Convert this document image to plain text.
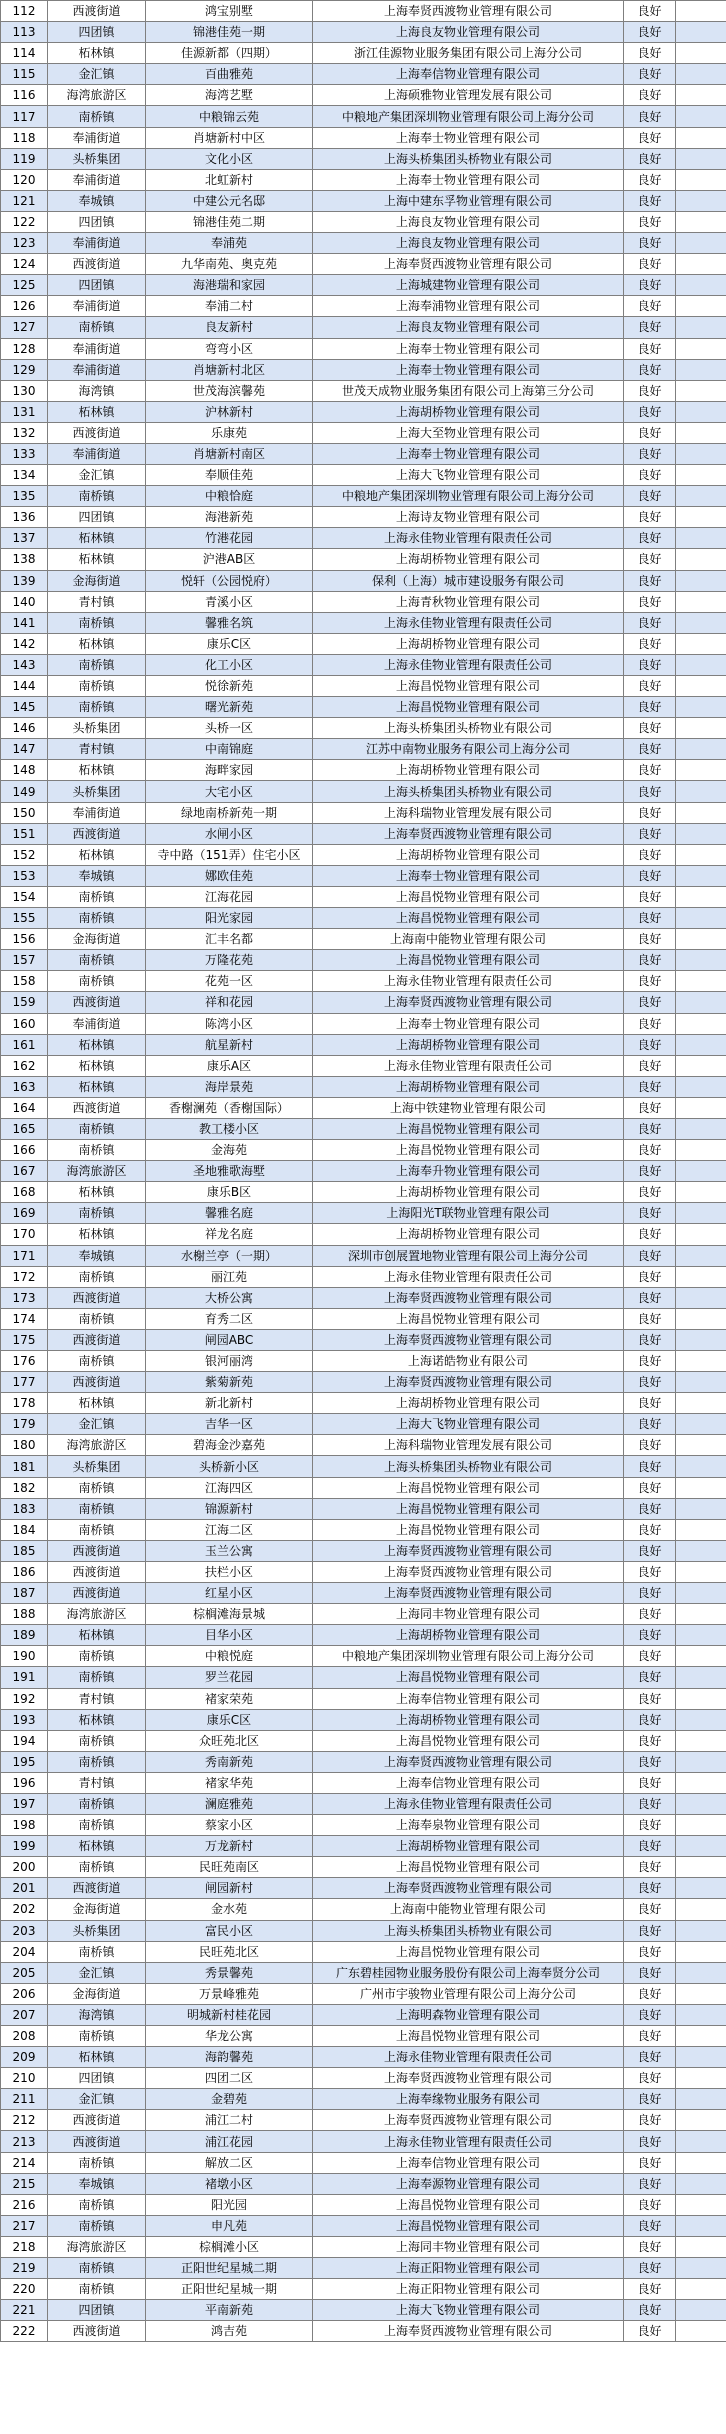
112	西渡街道	鸿宝别墅	上海奉贤西渡物业管理有限公司	良好	
113	四团镇	锦港佳苑一期	上海良友物业管理有限公司	良好	
114	柘林镇	佳源新都（四期）	浙江佳源物业服务集团有限公司上海分公司	良好	
115	金汇镇	百曲雅苑	上海奉信物业管理有限公司	良好	
116	海湾旅游区	海湾艺墅	上海硕雅物业管理发展有限公司	良好	
117	南桥镇	中粮锦云苑	中粮地产集团深圳物业管理有限公司上海分公司	良好	
118	奉浦街道	肖塘新村中区	上海奉士物业管理有限公司	良好	
119	头桥集团	文化小区	上海头桥集团头桥物业有限公司	良好	
120	奉浦街道	北虹新村	上海奉士物业管理有限公司	良好	
121	奉城镇	中建公元名邸	上海中建东孚物业管理有限公司	良好	
122	四团镇	锦港佳苑二期	上海良友物业管理有限公司	良好	
123	奉浦街道	奉浦苑	上海良友物业管理有限公司	良好	
124	西渡街道	九华南苑、奥克苑	上海奉贤西渡物业管理有限公司	良好	
125	四团镇	海港瑞和家园	上海城建物业管理有限公司	良好	
126	奉浦街道	奉浦二村	上海奉浦物业管理有限公司	良好	
127	南桥镇	良友新村	上海良友物业管理有限公司	良好	
128	奉浦街道	弯弯小区	上海奉士物业管理有限公司	良好	
129	奉浦街道	肖塘新村北区	上海奉士物业管理有限公司	良好	
130	海湾镇	世茂海滨馨苑	世茂天成物业服务集团有限公司上海第三分公司	良好	
131	柘林镇	沪林新村	上海胡桥物业管理有限公司	良好	
132	西渡街道	乐康苑	上海大至物业管理有限公司	良好	
133	奉浦街道	肖塘新村南区	上海奉士物业管理有限公司	良好	
134	金汇镇	奉顺佳苑	上海大飞物业管理有限公司	良好	
135	南桥镇	中粮恰庭	中粮地产集团深圳物业管理有限公司上海分公司	良好	
136	四团镇	海港新苑	上海诗友物业管理有限公司	良好	
137	柘林镇	竹港花园	上海永佳物业管理有限责任公司	良好	
138	柘林镇	沪港AB区	上海胡桥物业管理有限公司	良好	
139	金海街道	悦轩（公园悦府）	保利（上海）城市建设服务有限公司	良好	
140	青村镇	青溪小区	上海青秋物业管理有限公司	良好	
141	南桥镇	馨雅名筑	上海永佳物业管理有限责任公司	良好	
142	柘林镇	康乐C区	上海胡桥物业管理有限公司	良好	
143	南桥镇	化工小区	上海永佳物业管理有限责任公司	良好	
144	南桥镇	悦徐新苑	上海昌悦物业管理有限公司	良好	
145	南桥镇	曙光新苑	上海昌悦物业管理有限公司	良好	
146	头桥集团	头桥一区	上海头桥集团头桥物业有限公司	良好	
147	青村镇	中南锦庭	江苏中南物业服务有限公司上海分公司	良好	
148	柘林镇	海畔家园	上海胡桥物业管理有限公司	良好	
149	头桥集团	大宅小区	上海头桥集团头桥物业有限公司	良好	
150	奉浦街道	绿地南桥新苑一期	上海科瑞物业管理发展有限公司	良好	
151	西渡街道	水闸小区	上海奉贤西渡物业管理有限公司	良好	
152	柘林镇	寺中路（151弄）住宅小区	上海胡桥物业管理有限公司	良好	
153	奉城镇	娜欧佳苑	上海奉士物业管理有限公司	良好	
154	南桥镇	江海花园	上海昌悦物业管理有限公司	良好	
155	南桥镇	阳光家园	上海昌悦物业管理有限公司	良好	
156	金海街道	汇丰名都	上海南中能物业管理有限公司	良好	
157	南桥镇	万隆花苑	上海昌悦物业管理有限公司	良好	
158	南桥镇	花苑一区	上海永佳物业管理有限责任公司	良好	
159	西渡街道	祥和花园	上海奉贤西渡物业管理有限公司	良好	
160	奉浦街道	陈湾小区	上海奉士物业管理有限公司	良好	
161	柘林镇	航星新村	上海胡桥物业管理有限公司	良好	
162	柘林镇	康乐A区	上海永佳物业管理有限责任公司	良好	
163	柘林镇	海岸景苑	上海胡桥物业管理有限公司	良好	
164	西渡街道	香榭澜苑（香榭国际）	上海中铁建物业管理有限公司	良好	
165	南桥镇	教工楼小区	上海昌悦物业管理有限公司	良好	
166	南桥镇	金海苑	上海昌悦物业管理有限公司	良好	
167	海湾旅游区	圣地雅歌海墅	上海奉升物业管理有限公司	良好	
168	柘林镇	康乐B区	上海胡桥物业管理有限公司	良好	
169	南桥镇	馨雅名庭	上海阳光T联物业管理有限公司	良好	
170	柘林镇	祥龙名庭	上海胡桥物业管理有限公司	良好	
171	奉城镇	水榭兰亭（一期）	深圳市创展置地物业管理有限公司上海分公司	良好	
172	南桥镇	丽江苑	上海永佳物业管理有限责任公司	良好	
173	西渡街道	大桥公寓	上海奉贤西渡物业管理有限公司	良好	
174	南桥镇	育秀二区	上海昌悦物业管理有限公司	良好	
175	西渡街道	闸园ABC	上海奉贤西渡物业管理有限公司	良好	
176	南桥镇	银河丽湾	上海诺皓物业有限公司	良好	
177	西渡街道	紫菊新苑	上海奉贤西渡物业管理有限公司	良好	
178	柘林镇	新北新村	上海胡桥物业管理有限公司	良好	
179	金汇镇	吉华一区	上海大飞物业管理有限公司	良好	
180	海湾旅游区	碧海金沙嘉苑	上海科瑞物业管理发展有限公司	良好	
181	头桥集团	头桥新小区	上海头桥集团头桥物业有限公司	良好	
182	南桥镇	江海四区	上海昌悦物业管理有限公司	良好	
183	南桥镇	锦源新村	上海昌悦物业管理有限公司	良好	
184	南桥镇	江海二区	上海昌悦物业管理有限公司	良好	
185	西渡街道	玉兰公寓	上海奉贤西渡物业管理有限公司	良好	
186	西渡街道	扶栏小区	上海奉贤西渡物业管理有限公司	良好	
187	西渡街道	红星小区	上海奉贤西渡物业管理有限公司	良好	
188	海湾旅游区	棕榈滩海景城	上海同丰物业管理有限公司	良好	
189	柘林镇	目华小区	上海胡桥物业管理有限公司	良好	
190	南桥镇	中粮悦庭	中粮地产集团深圳物业管理有限公司上海分公司	良好	
191	南桥镇	罗兰花园	上海昌悦物业管理有限公司	良好	
192	青村镇	褚家荣苑	上海奉信物业管理有限公司	良好	
193	柘林镇	康乐C区	上海胡桥物业管理有限公司	良好	
194	南桥镇	众旺苑北区	上海昌悦物业管理有限公司	良好	
195	南桥镇	秀南新苑	上海奉贤西渡物业管理有限公司	良好	
196	青村镇	褚家华苑	上海奉信物业管理有限公司	良好	
197	南桥镇	澜庭雅苑	上海永佳物业管理有限责任公司	良好	
198	南桥镇	蔡家小区	上海奉泉物业管理有限公司	良好	
199	柘林镇	万龙新村	上海胡桥物业管理有限公司	良好	
200	南桥镇	民旺苑南区	上海昌悦物业管理有限公司	良好	
201	西渡街道	闸园新村	上海奉贤西渡物业管理有限公司	良好	
202	金海街道	金水苑	上海南中能物业管理有限公司	良好	
203	头桥集团	富民小区	上海头桥集团头桥物业有限公司	良好	
204	南桥镇	民旺苑北区	上海昌悦物业管理有限公司	良好	
205	金汇镇	秀景馨苑	广东碧桂园物业服务股份有限公司上海奉贤分公司	良好	
206	金海街道	万景峰雅苑	广州市宇骏物业管理有限公司上海分公司	良好	
207	海湾镇	明城新村桂花园	上海明森物业管理有限公司	良好	
208	南桥镇	华龙公寓	上海昌悦物业管理有限公司	良好	
209	柘林镇	海韵馨苑	上海永佳物业管理有限责任公司	良好	
210	四团镇	四团二区	上海奉贤西渡物业管理有限公司	良好	
211	金汇镇	金碧苑	上海奉缘物业服务有限公司	良好	
212	西渡街道	浦江二村	上海奉贤西渡物业管理有限公司	良好	
213	西渡街道	浦江花园	上海永佳物业管理有限责任公司	良好	
214	南桥镇	解放二区	上海奉信物业管理有限公司	良好	
215	奉城镇	褚墩小区	上海奉源物业管理有限公司	良好	
216	南桥镇	阳光园	上海昌悦物业管理有限公司	良好	
217	南桥镇	申凡苑	上海昌悦物业管理有限公司	良好	
218	海湾旅游区	棕榈滩小区	上海同丰物业管理有限公司	良好	
219	南桥镇	正阳世纪星城二期	上海正阳物业管理有限公司	良好	
220	南桥镇	正阳世纪星城一期	上海正阳物业管理有限公司	良好	
221	四团镇	平南新苑	上海大飞物业管理有限公司	良好	
222	西渡街道	鸿吉苑	上海奉贤西渡物业管理有限公司	良好	
